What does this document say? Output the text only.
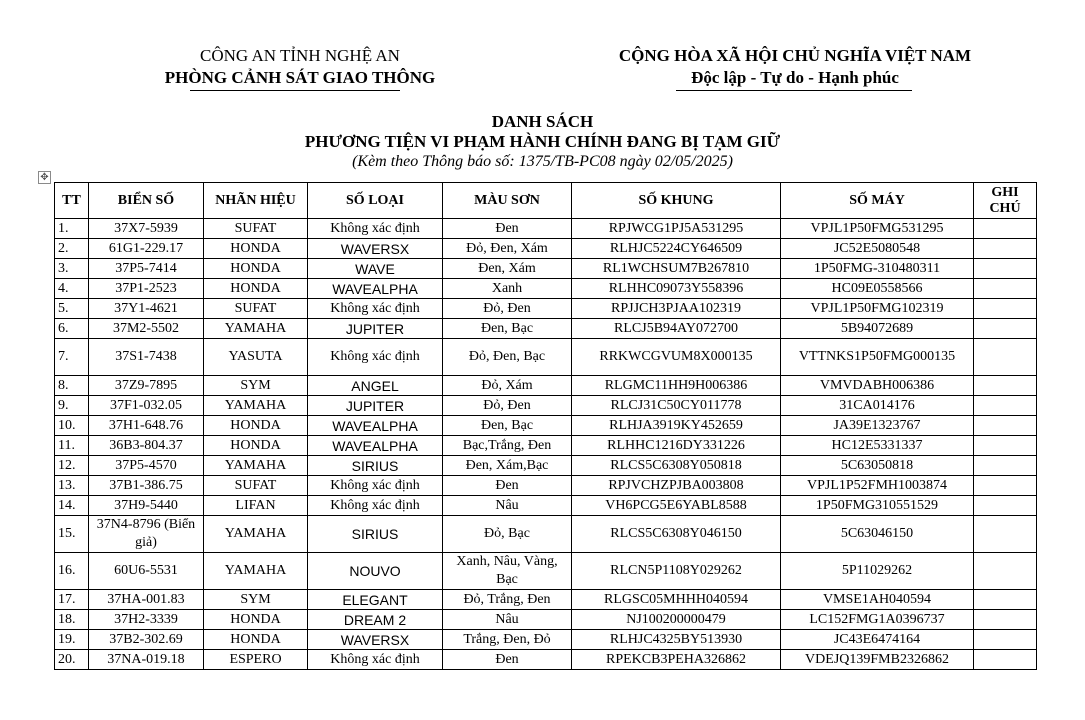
CÔNG AN TỈNH NGHỆ AN
PHÒNG CẢNH SÁT GIAO THÔNG
CỘNG HÒA XÃ HỘI CHỦ NGHĨA VIỆT NAM
Độc lập - Tự do - Hạnh phúc
DANH SÁCH
PHƯƠNG TIỆN VI PHẠM HÀNH CHÍNH ĐANG BỊ TẠM GIỮ
(Kèm theo Thông báo số: 1375/TB-PC08 ngày 02/05/2025)
✥
TT	BIỂN SỐ	NHÃN HIỆU	SỐ LOẠI	MÀU SƠN	SỐ KHUNG	SỐ MÁY	GHI CHÚ
1.	37X7-5939	SUFAT	Không xác định	Đen	RPJWCG1PJ5A531295	VPJL1P50FMG531295	
2.	61G1-229.17	HONDA	WAVERSX	Đỏ, Đen, Xám	RLHJC5224CY646509	JC52E5080548	
3.	37P5-7414	HONDA	WAVE	Đen, Xám	RL1WCHSUM7B267810	1P50FMG-310480311	
4.	37P1-2523	HONDA	WAVEALPHA	Xanh	RLHHC09073Y558396	HC09E0558566	
5.	37Y1-4621	SUFAT	Không xác định	Đỏ, Đen	RPJJCH3PJAA102319	VPJL1P50FMG102319	
6.	37M2-5502	YAMAHA	JUPITER	Đen, Bạc	RLCJ5B94AY072700	5B94072689	
7.	37S1-7438	YASUTA	Không xác định	Đỏ, Đen, Bạc	RRKWCGVUM8X000135	VTTNKS1P50FMG000135	
8.	37Z9-7895	SYM	ANGEL	Đỏ, Xám	RLGMC11HH9H006386	VMVDABH006386	
9.	37F1-032.05	YAMAHA	JUPITER	Đỏ, Đen	RLCJ31C50CY011778	31CA014176	
10.	37H1-648.76	HONDA	WAVEALPHA	Đen, Bạc	RLHJA3919KY452659	JA39E1323767	
11.	36B3-804.37	HONDA	WAVEALPHA	Bạc,Trắng, Đen	RLHHC1216DY331226	HC12E5331337	
12.	37P5-4570	YAMAHA	SIRIUS	Đen, Xám,Bạc	RLCS5C6308Y050818	5C63050818	
13.	37B1-386.75	SUFAT	Không xác định	Đen	RPJVCHZPJBA003808	VPJL1P52FMH1003874	
14.	37H9-5440	LIFAN	Không xác định	Nâu	VH6PCG5E6YABL8588	1P50FMG310551529	
15.	37N4-8796 (Biển giả)	YAMAHA	SIRIUS	Đỏ, Bạc	RLCS5C6308Y046150	5C63046150	
16.	60U6-5531	YAMAHA	NOUVO	Xanh, Nâu, Vàng, Bạc	RLCN5P1108Y029262	5P11029262	
17.	37HA-001.83	SYM	ELEGANT	Đỏ, Trắng, Đen	RLGSC05MHHH040594	VMSE1AH040594	
18.	37H2-3339	HONDA	DREAM 2	Nâu	NJ100200000479	LC152FMG1A0396737	
19.	37B2-302.69	HONDA	WAVERSX	Trắng, Đen, Đỏ	RLHJC4325BY513930	JC43E6474164	
20.	37NA-019.18	ESPERO	Không xác định	Đen	RPEKCB3PEHA326862	VDEJQ139FMB2326862	
